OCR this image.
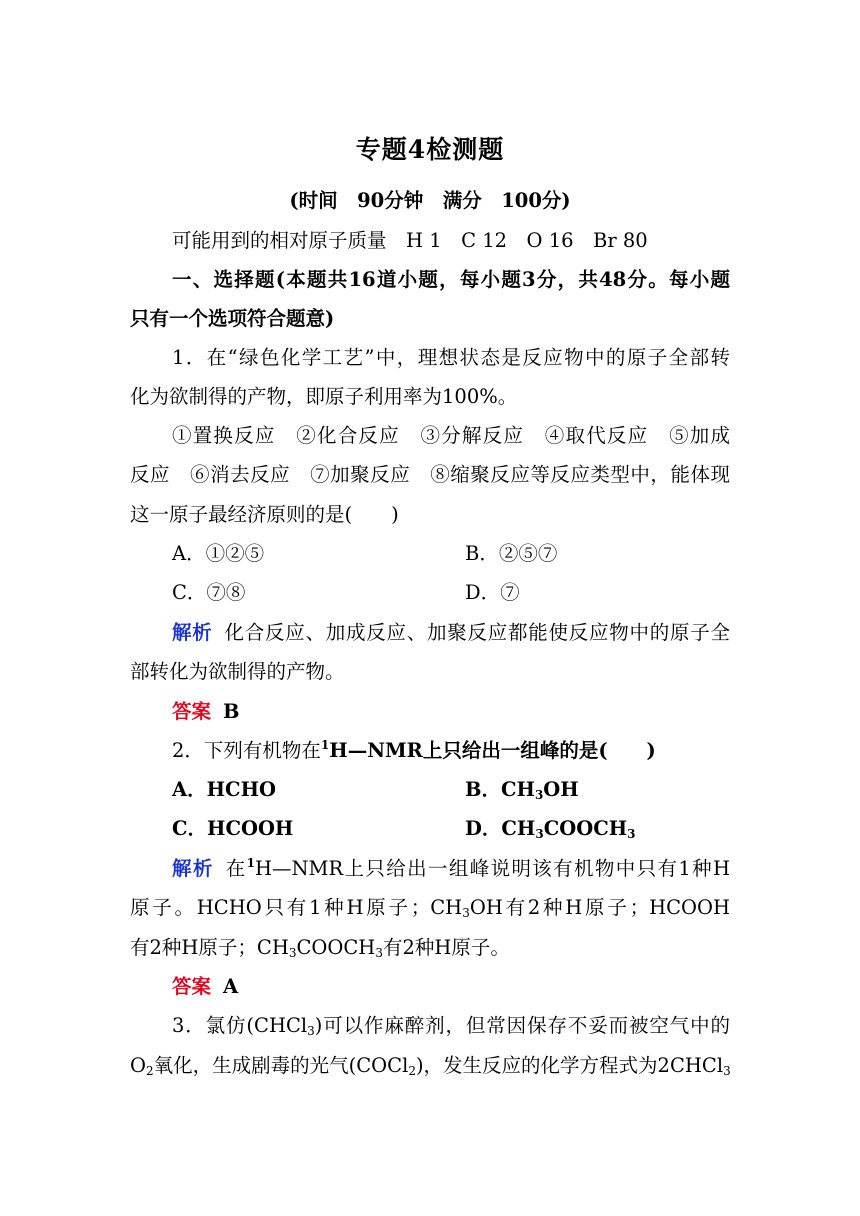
专题4检测题
(时间　90分钟　满分　100分)
可能用到的相对原子质量　H 1　C 12　O 16　Br 80
一、选择题(本题共16道小题，每小题3分，共48分。每小题
只有一个选项符合题意)
1．在“绿色化学工艺”中，理想状态是反应物中的原子全部转
化为欲制得的产物，即原子利用率为100%。
①置换反应　②化合反应　③分解反应　④取代反应　⑤加成
反应　⑥消去反应　⑦加聚反应　⑧缩聚反应等反应类型中，能体现
这一原子最经济原则的是(　　)
A．①②⑤	B．②⑤⑦
C．⑦⑧	D．⑦
解析 化合反应、加成反应、加聚反应都能使反应物中的原子全
部转化为欲制得的产物。
答案 B
2．下列有机物在$^1$H—NMR上只给出一组峰的是(　　)
A．HCHO	B．$CH_3OH$
C．HCOOH	D．$CH_3COOCH_3$
解析 在$^1$H—NMR上只给出一组峰说明该有机物中只有1种H
原子。HCHO只有1种H原子；$CH_3OH$有2种H原子；HCOOH
有2种H原子；$CH_3COOCH_3$有2种H原子。
答案 A
3．氯仿(CHCl$_3$)可以作麻醉剂，但常因保存不妥而被空气中的
$O_2$氧化，生成剧毒的光气(COCl$_2$)，发生反应的化学方程式为2CHCl$_3$
